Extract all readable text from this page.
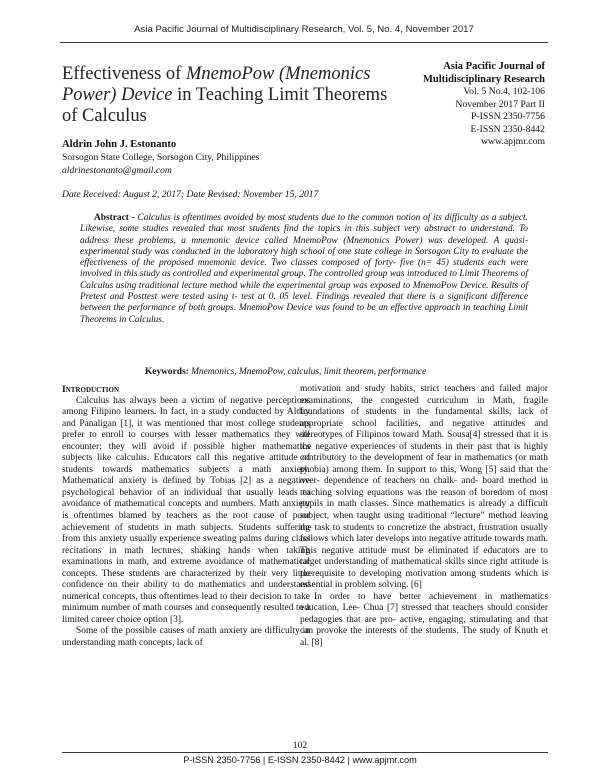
Asia Pacific Journal of Multidisciplinary Research, Vol. 5, No. 4, November 2017
Effectiveness of MnemoPow (Mnemonics Power) Device in Teaching Limit Theorems of Calculus
Asia Pacific Journal of Multidisciplinary Research
Vol. 5 No.4, 102-106
November 2017 Part II
P-ISSN 2350-7756
E-ISSN 2350-8442
www.apjmr.com
Aldrin John J. Estonanto
Sorsogon State College, Sorsogon City, Philippines
aldrinestonanto@gmail.com
Date Received: August 2, 2017; Date Revised: November 15, 2017
Abstract - Calculus is oftentimes avoided by most students due to the common notion of its difficulty as a subject. Likewise, some studies revealed that most students find the topics in this subject very abstract to understand. To address these problems, a mnemonic device called MnemoPow (Mnemonics Power) was developed. A quasi- experimental study was conducted in the laboratory high school of one state college in Sorsogon City to evaluate the effectiveness of the proposed mnemonic device. Two classes composed of forty- five (n= 45) students each were involved in this study as controlled and experimental group. The controlled group was introduced to Limit Theorems of Calculus using traditional lecture method while the experimental group was exposed to MnemoPow Device. Results of Pretest and Posttest were tested using t- test at 0. 05 level. Findings revealed that there is a significant difference between the performance of both groups. MnemoPow Device was found to be an effective approach in teaching Limit Theorems in Calculus.
Keywords: Mnemonics, MnemoPow, calculus, limit theorem, performance

Introduction

Calculus has always been a victim of negative perceptions among Filipino learners. In fact, in a study conducted by Alday and Panaligan [1], it was mentioned that most college students prefer to enroll to courses with lesser mathematics they will encounter; they will avoid if possible higher mathematics subjects like calculus. Educators call this negative attitude of students towards mathematics subjects a math anxiety. Mathematical anxiety is defined by Tobias [2] as a negative psychological behavior of an individual that usually leads to avoidance of mathematical concepts and numbers. Math anxiety is oftentimes blamed by teachers as the root cause of poor achievement of students in math subjects. Students suffering from this anxiety usually experience sweating palms during class recitations in math lectures, shaking hands when taking examinations in math, and extreme avoidance of mathematical concepts. These students are characterized by their very little confidence on their ability to do mathematics and understand numerical concepts, thus oftentimes lead to their decision to take minimum number of math courses and consequently resulted to a limited career choice option [3].

Some of the possible causes of math anxiety are difficulty in understanding math concepts, lack of

motivation and study habits, strict teachers and failed major examinations, the congested curriculum in Math, fragile foundations of students in the fundamental skills, lack of appropriate school facilities, and negative attitudes and stereotypes of Filipinos toward Math. Sousa[4] stressed that it is the negative experiences of students in their past that is highly contributory to the development of fear in mathematics (or math phobia) among them. In support to this, Wong [5] said that the over- dependence of teachers on chalk- and- board method in teaching solving equations was the reason of boredom of most pupils in math classes. Since mathematics is already a difficult subject, when taught using traditional “lecture” method leaving the task to students to concretize the abstract, frustration usually follows which later develops into negative attitude towards math. This negative attitude must be eliminated if educators are to target understanding of mathematical skills since right attitude is prerequisite to developing motivation among students which is essential in problem solving. [6]

In order to have better achievement in mathematics education, Lee- Chua [7] stressed that teachers should consider pedagogies that are pro- active, engaging, stimulating and that can provoke the interests of the students. The study of Knuth et al. [8]

102
P-ISSN 2350-7756 | E-ISSN 2350-8442 | www.apjmr.com
